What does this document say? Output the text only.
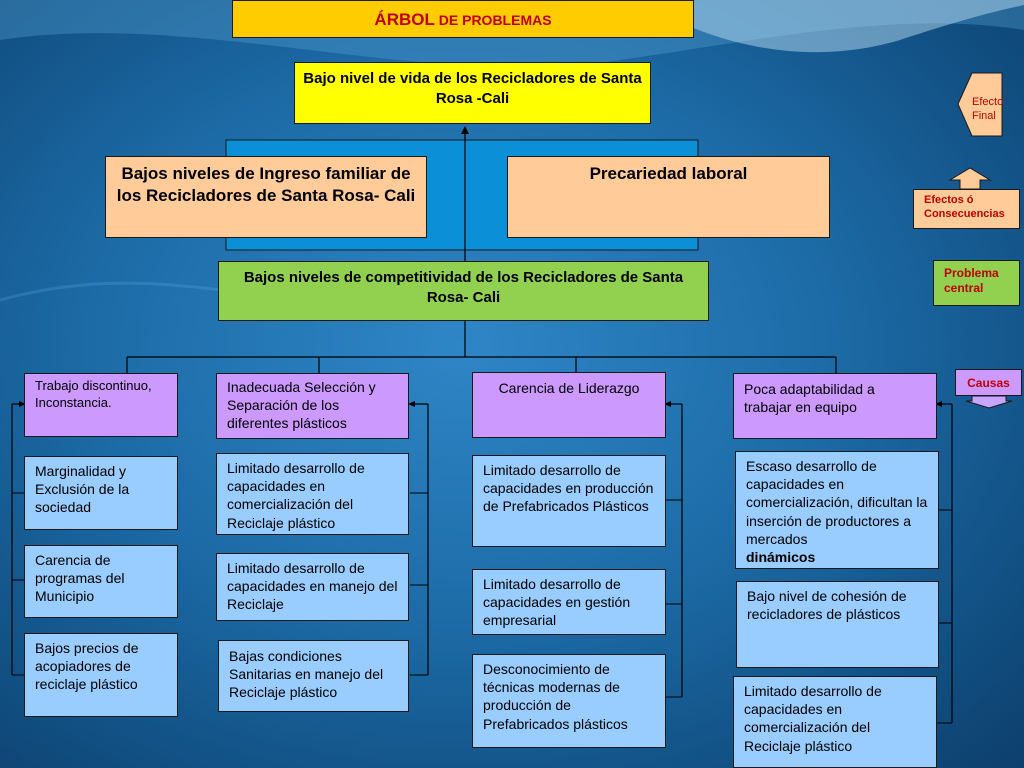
ÁRBOL DE PROBLEMAS
Bajo nivel de vida de los Recicladores de Santa Rosa -Cali
Bajos niveles de Ingreso familiar de los Recicladores de Santa Rosa- Cali
Precariedad laboral
Bajos niveles de competitividad de los Recicladores de Santa Rosa- Cali
Trabajo discontinuo, Inconstancia.
Marginalidad y Exclusión de la sociedad
Carencia de programas del Municipio
Bajos precios de acopiadores de reciclaje plástico
Inadecuada Selección y Separación de los diferentes plásticos
Limitado desarrollo de capacidades en comercialización del Reciclaje plástico
Limitado desarrollo de capacidades en manejo del Reciclaje
Bajas condiciones Sanitarias en manejo del Reciclaje plástico
Carencia de Liderazgo
Limitado desarrollo de capacidades en producción de Prefabricados Plásticos
Limitado desarrollo de capacidades en gestión empresarial
Desconocimiento de técnicas modernas de producción de Prefabricados plásticos
Poca adaptabilidad a trabajar en equipo
Escaso desarrollo de capacidades en comercialización, dificultan la inserción de productores a mercados
dinámicos
Bajo nivel de cohesión de recicladores de plásticos
Limitado desarrollo de capacidades en comercialización del Reciclaje plástico
Efecto Final
Efectos ó Consecuencias
Problema central
Causas
